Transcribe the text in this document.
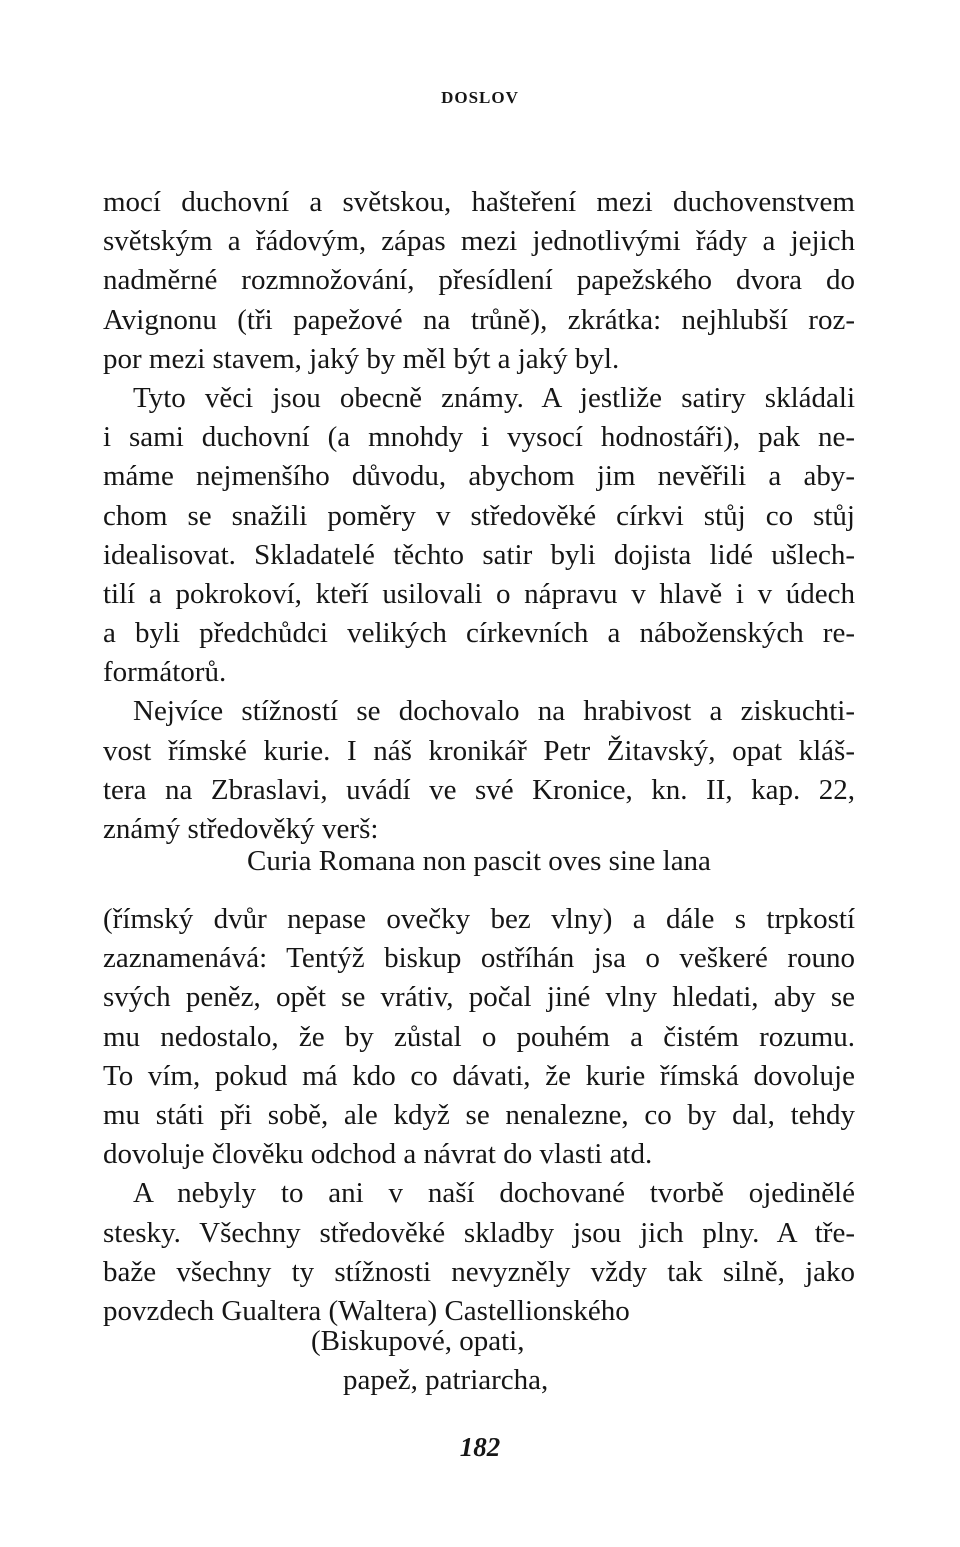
DOSLOV
mocí duchovní a světskou, hašteření mezi duchovenstvem
světským a řádovým, zápas mezi jednotlivými řády a jejich
nadměrné rozmnožování, přesídlení papežského dvora do
Avignonu (tři papežové na trůně), zkrátka: nejhlubší roz-
por mezi stavem, jaký by měl být a jaký byl.
Tyto věci jsou obecně známy. A jestliže satiry skládali
i sami duchovní (a mnohdy i vysocí hodnostáři), pak ne-
máme nejmenšího důvodu, abychom jim nevěřili a aby-
chom se snažili poměry v středověké církvi stůj co stůj
idealisovat. Skladatelé těchto satir byli dojista lidé ušlech-
tilí a pokrokoví, kteří usilovali o nápravu v hlavě i v údech
a byli předchůdci velikých církevních a náboženských re-
formátorů.
Nejvíce stížností se dochovalo na hrabivost a ziskuchti-
vost římské kurie. I náš kronikář Petr Žitavský, opat kláš-
tera na Zbraslavi, uvádí ve své Kronice, kn. II, kap. 22,
známý středověký verš:
Curia Romana non pascit oves sine lana
(římský dvůr nepase ovečky bez vlny) a dále s trpkostí
zaznamenává: Tentýž biskup ostříhán jsa o veškeré rouno
svých peněz, opět se vrátiv, počal jiné vlny hledati, aby se
mu nedostalo, že by zůstal o pouhém a čistém rozumu.
To vím, pokud má kdo co dávati, že kurie římská dovoluje
mu státi při sobě, ale když se nenalezne, co by dal, tehdy
dovoluje člověku odchod a návrat do vlasti atd.
A nebyly to ani v naší dochované tvorbě ojedinělé
stesky. Všechny středověké skladby jsou jich plny. A tře-
baže všechny ty stížnosti nevyzněly vždy tak silně, jako
povzdech Gualtera (Waltera) Castellionského
(Biskupové, opati,
papež, patriarcha,
182
